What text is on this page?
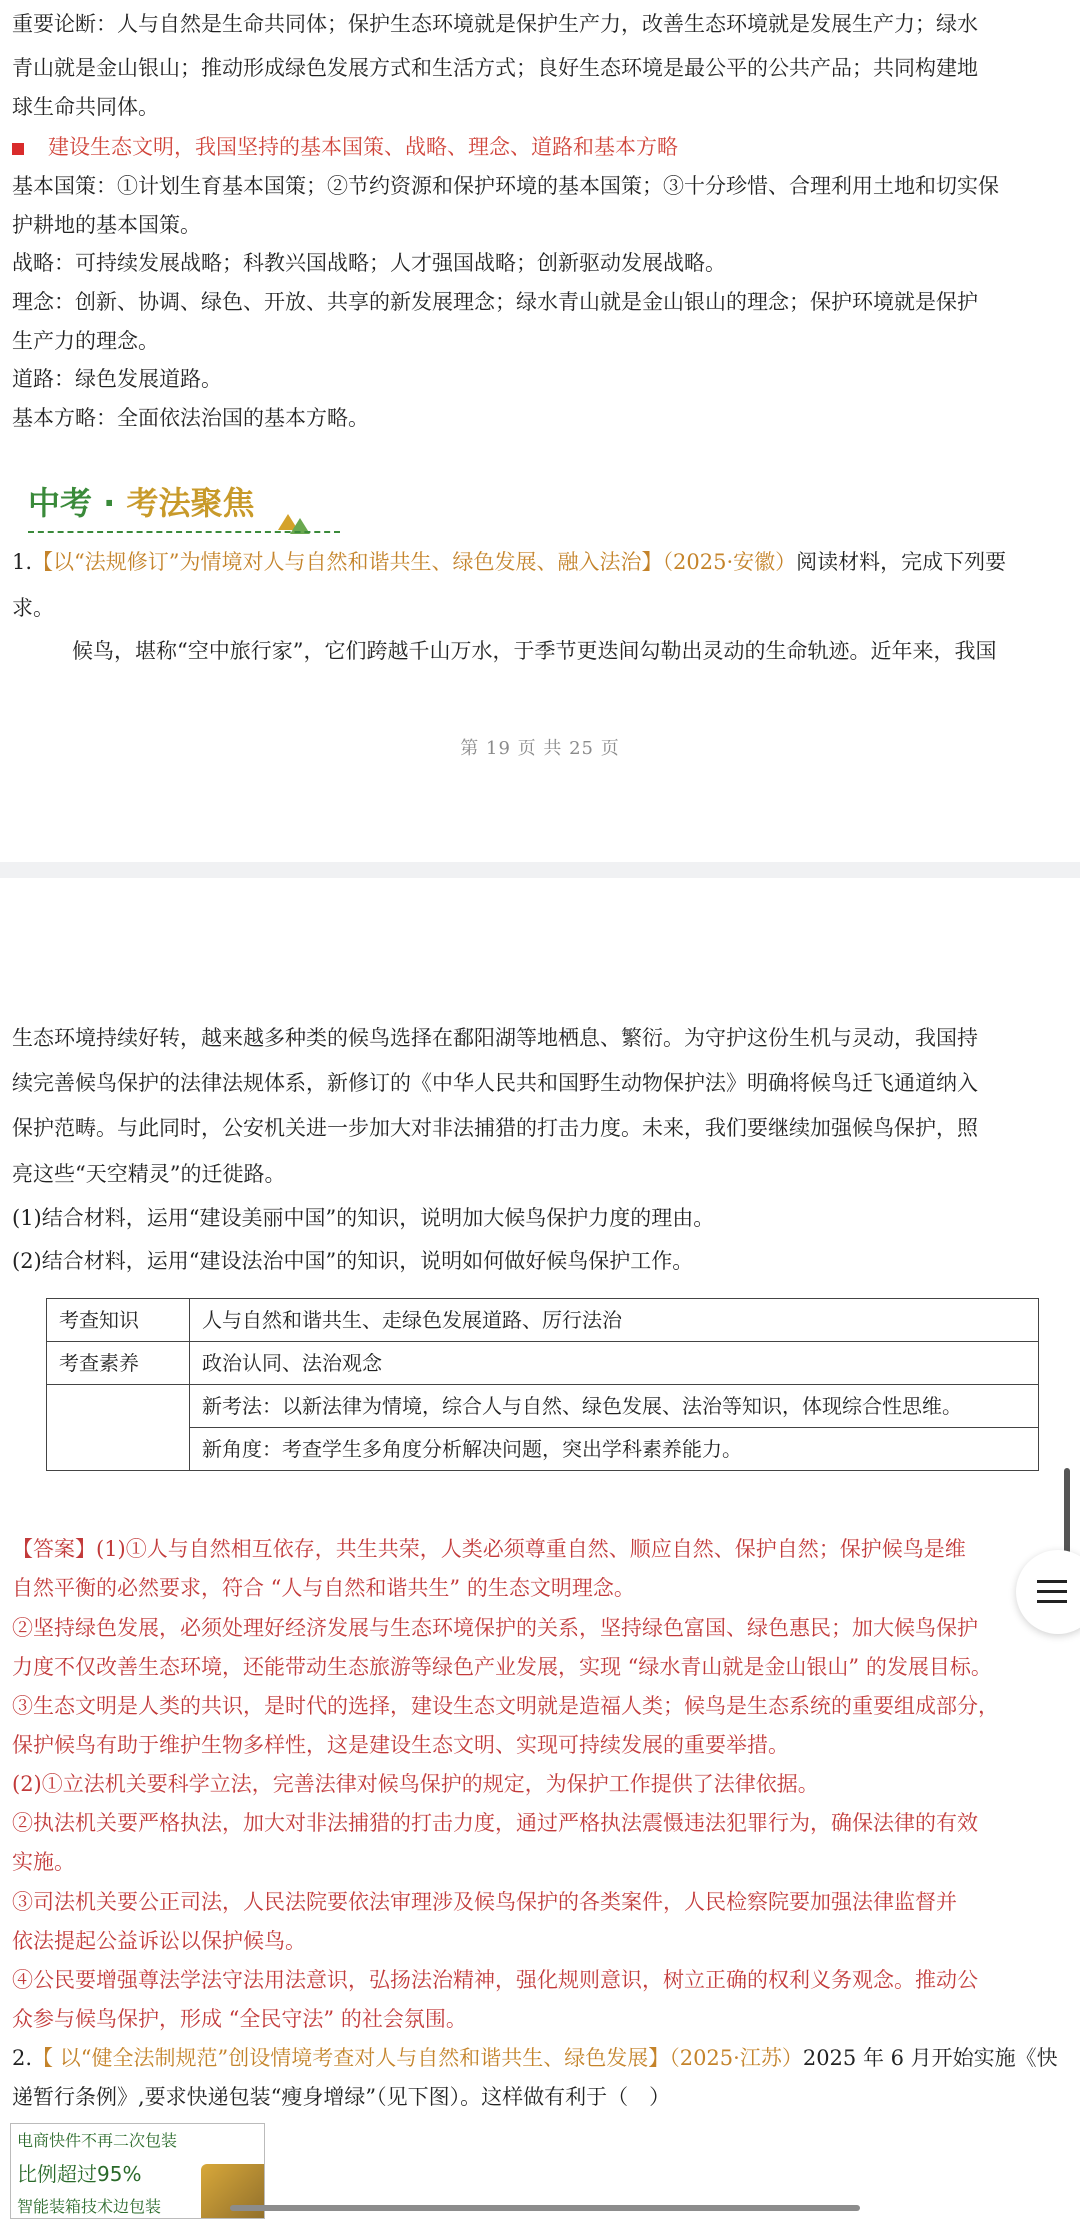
重要论断：人与自然是生命共同体；保护生态环境就是保护生产力，改善生态环境就是发展生产力；绿水
青山就是金山银山；推动形成绿色发展方式和生活方式；良好生态环境是最公平的公共产品；共同构建地
球生命共同体。
建设生态文明，我国坚持的基本国策、战略、理念、道路和基本方略
基本国策：①计划生育基本国策；②节约资源和保护环境的基本国策；③十分珍惜、合理利用土地和切实保
护耕地的基本国策。
战略：可持续发展战略；科教兴国战略；人才强国战略；创新驱动发展战略。
理念：创新、协调、绿色、开放、共享的新发展理念；绿水青山就是金山银山的理念；保护环境就是保护
生产力的理念。
道路：绿色发展道路。
基本方略：全面依法治国的基本方略。
中考 · 考法聚焦
1.【以“法规修订”为情境对人与自然和谐共生、绿色发展、融入法治】（2025·安徽）阅读材料，完成下列要
求。
候鸟，堪称“空中旅行家”，它们跨越千山万水，于季节更迭间勾勒出灵动的生命轨迹。近年来，我国
第 19 页 共 25 页
生态环境持续好转，越来越多种类的候鸟选择在鄱阳湖等地栖息、繁衍。为守护这份生机与灵动，我国持
续完善候鸟保护的法律法规体系，新修订的《中华人民共和国野生动物保护法》明确将候鸟迁飞通道纳入
保护范畴。与此同时，公安机关进一步加大对非法捕猎的打击力度。未来，我们要继续加强候鸟保护，照
亮这些“天空精灵”的迁徙路。
(1)结合材料，运用“建设美丽中国”的知识，说明加大候鸟保护力度的理由。
(2)结合材料，运用“建设法治中国”的知识，说明如何做好候鸟保护工作。
考查知识	人与自然和谐共生、走绿色发展道路、厉行法治
考查素养	政治认同、法治观念
	新考法：以新法律为情境，综合人与自然、绿色发展、法治等知识，体现综合性思维。
	新角度：考查学生多角度分析解决问题，突出学科素养能力。
【答案】(1)①人与自然相互依存，共生共荣，人类必须尊重自然、顺应自然、保护自然；保护候鸟是维
自然平衡的必然要求，符合 “人与自然和谐共生” 的生态文明理念。
②坚持绿色发展，必须处理好经济发展与生态环境保护的关系，坚持绿色富国、绿色惠民；加大候鸟保护
力度不仅改善生态环境，还能带动生态旅游等绿色产业发展，实现 “绿水青山就是金山银山” 的发展目标。
③生态文明是人类的共识，是时代的选择，建设生态文明就是造福人类；候鸟是生态系统的重要组成部分，
保护候鸟有助于维护生物多样性，这是建设生态文明、实现可持续发展的重要举措。
(2)①立法机关要科学立法，完善法律对候鸟保护的规定，为保护工作提供了法律依据。
②执法机关要严格执法，加大对非法捕猎的打击力度，通过严格执法震慑违法犯罪行为，确保法律的有效
实施。
③司法机关要公正司法，人民法院要依法审理涉及候鸟保护的各类案件，人民检察院要加强法律监督并
依法提起公益诉讼以保护候鸟。
④公民要增强尊法学法守法用法意识，弘扬法治精神，强化规则意识，树立正确的权利义务观念。推动公
众参与候鸟保护，形成 “全民守法” 的社会氛围。
2.【 以“健全法制规范”创设情境考查对人与自然和谐共生、绿色发展】（2025·江苏）2025 年 6 月开始实施《快
递暂行条例》,要求快递包装“瘦身增绿”（见下图）。这样做有利于（　）
电商快件不再二次包装
比例超过95%
智能装箱技术边包装
